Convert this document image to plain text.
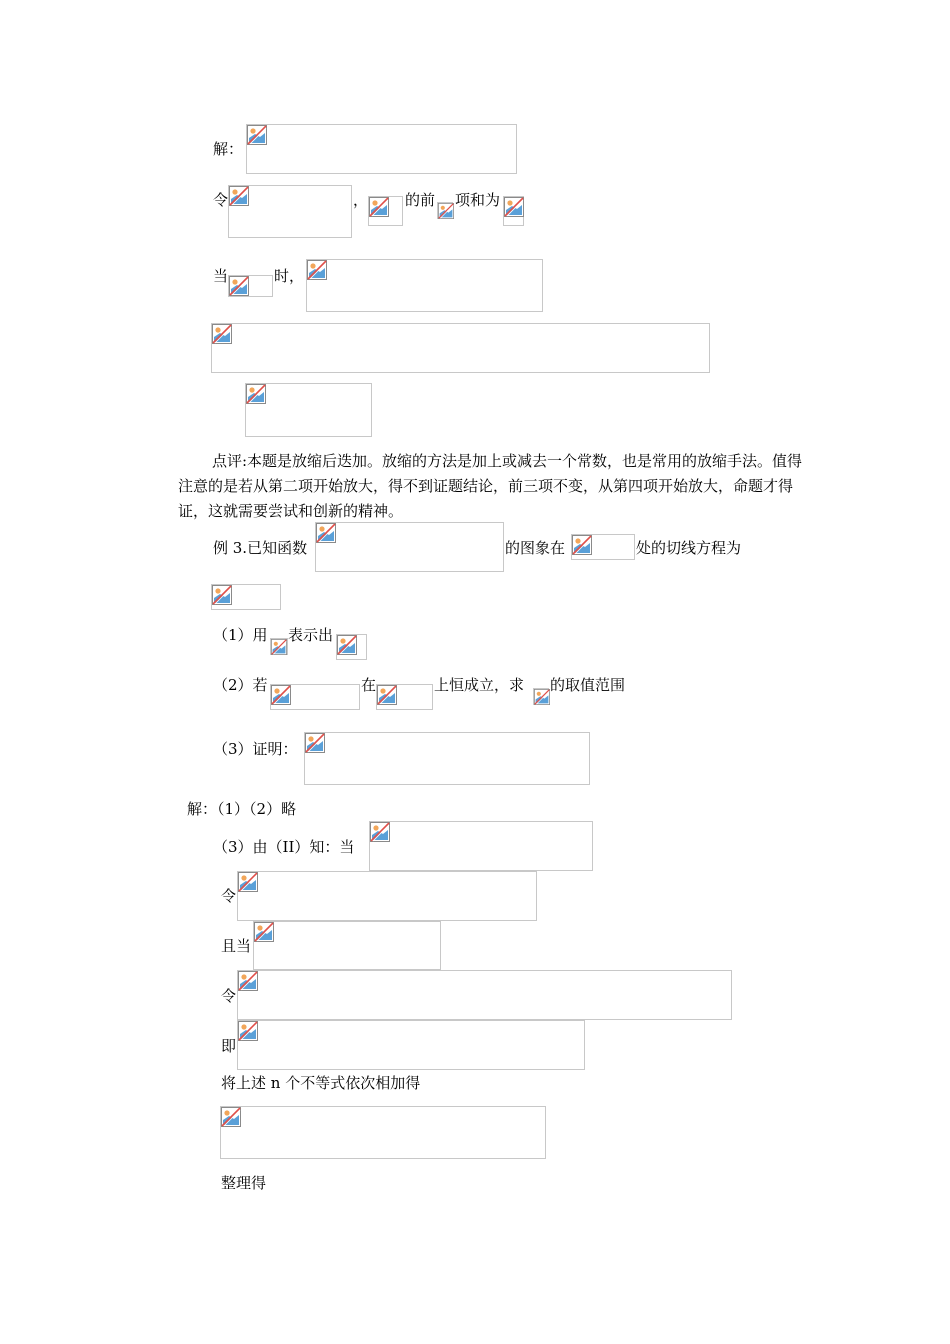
解：
令	， 的前 项和为
当	时，
点评:本题是放缩后迭加。放缩的方法是加上或减去一个常数，也是常用的放缩手法。值得注意的是若从第二项开始放大，得不到证题结论，前三项不变，从第四项开始放大，命题才得证，这就需要尝试和创新的精神。
例 3.已知函数	的图象在	处的切线方程为
（1）用 表示出
（2）若	在	上恒成立，求 的取值范围
（3）证明：
解：（1）（2）略
（3）由（II）知：当
令
且当
令
即
将上述 n 个不等式依次相加得
整理得
